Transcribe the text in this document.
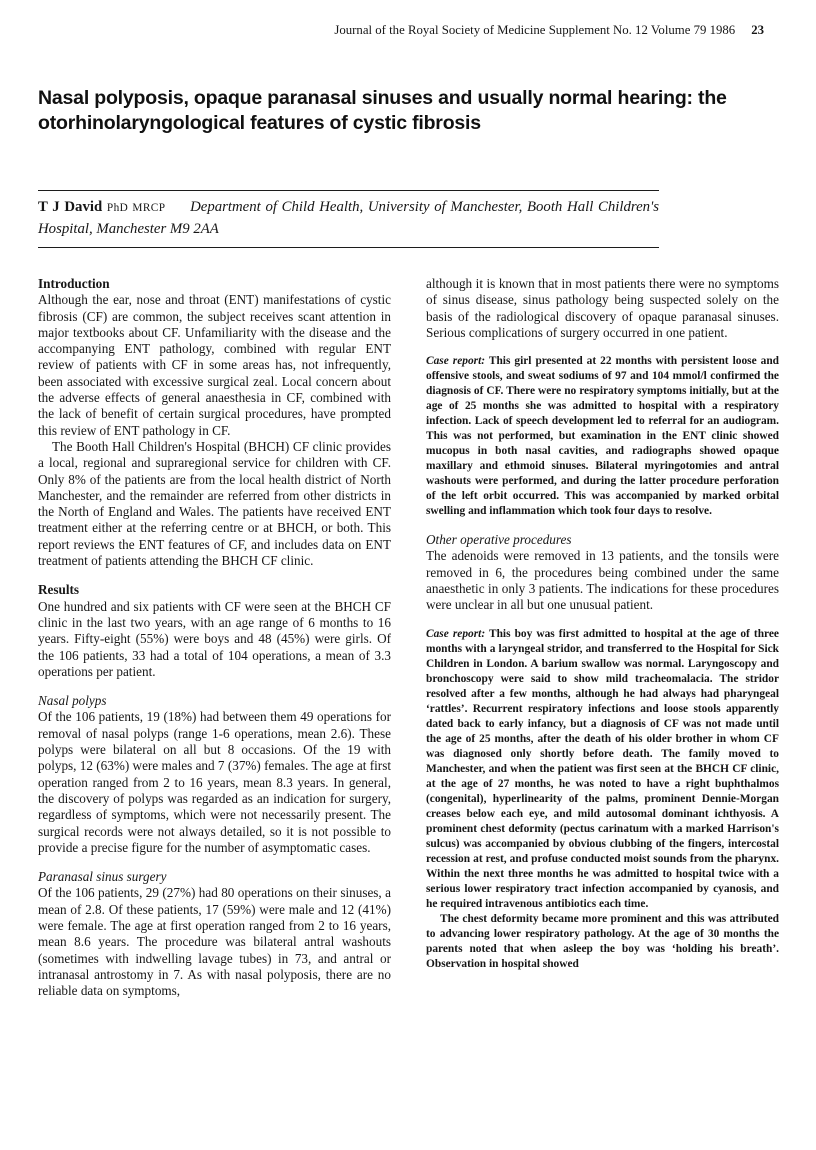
Journal of the Royal Society of Medicine Supplement No. 12 Volume 79 1986 23
Nasal polyposis, opaque paranasal sinuses and usually normal hearing: the otorhinolaryngological features of cystic fibrosis

T J David PhD MRCP Department of Child Health, University of Manchester, Booth Hall Children's Hospital, Manchester M9 2AA

Introduction

Although the ear, nose and throat (ENT) manifestations of cystic fibrosis (CF) are common, the subject receives scant attention in major textbooks about CF. Unfamiliarity with the disease and the accompanying ENT pathology, combined with regular ENT review of patients with CF in some areas has, not infrequently, been associated with excessive surgical zeal. Local concern about the adverse effects of general anaesthesia in CF, combined with the lack of benefit of certain surgical procedures, have prompted this review of ENT pathology in CF.

The Booth Hall Children's Hospital (BHCH) CF clinic provides a local, regional and supraregional service for children with CF. Only 8% of the patients are from the local health district of North Manchester, and the remainder are referred from other districts in the North of England and Wales. The patients have received ENT treatment either at the referring centre or at BHCH, or both. This report reviews the ENT features of CF, and includes data on ENT treatment of patients attending the BHCH CF clinic.

Results

One hundred and six patients with CF were seen at the BHCH CF clinic in the last two years, with an age range of 6 months to 16 years. Fifty-eight (55%) were boys and 48 (45%) were girls. Of the 106 patients, 33 had a total of 104 operations, a mean of 3.3 operations per patient.

Nasal polyps

Of the 106 patients, 19 (18%) had between them 49 operations for removal of nasal polyps (range 1-6 operations, mean 2.6). These polyps were bilateral on all but 8 occasions. Of the 19 with polyps, 12 (63%) were males and 7 (37%) females. The age at first operation ranged from 2 to 16 years, mean 8.3 years. In general, the discovery of polyps was regarded as an indication for surgery, regardless of symptoms, which were not necessarily present. The surgical records were not always detailed, so it is not possible to provide a precise figure for the number of asymptomatic cases.

Paranasal sinus surgery

Of the 106 patients, 29 (27%) had 80 operations on their sinuses, a mean of 2.8. Of these patients, 17 (59%) were male and 12 (41%) were female. The age at first operation ranged from 2 to 16 years, mean 8.6 years. The procedure was bilateral antral washouts (sometimes with indwelling lavage tubes) in 73, and antral or intranasal antrostomy in 7. As with nasal polyposis, there are no reliable data on symptoms,

although it is known that in most patients there were no symptoms of sinus disease, sinus pathology being suspected solely on the basis of the radiological discovery of opaque paranasal sinuses. Serious complications of surgery occurred in one patient.

Case report: This girl presented at 22 months with persistent loose and offensive stools, and sweat sodiums of 97 and 104 mmol/l confirmed the diagnosis of CF. There were no respiratory symptoms initially, but at the age of 25 months she was admitted to hospital with a respiratory infection. Lack of speech development led to referral for an audiogram. This was not performed, but examination in the ENT clinic showed mucopus in both nasal cavities, and radiographs showed opaque maxillary and ethmoid sinuses. Bilateral myringotomies and antral washouts were performed, and during the latter procedure perforation of the left orbit occurred. This was accompanied by marked orbital swelling and inflammation which took four days to resolve.

Other operative procedures

The adenoids were removed in 13 patients, and the tonsils were removed in 6, the procedures being combined under the same anaesthetic in only 3 patients. The indications for these procedures were unclear in all but one unusual patient.

Case report: This boy was first admitted to hospital at the age of three months with a laryngeal stridor, and transferred to the Hospital for Sick Children in London. A barium swallow was normal. Laryngoscopy and bronchoscopy were said to show mild tracheomalacia. The stridor resolved after a few months, although he had always had pharyngeal ‘rattles’. Recurrent respiratory infections and loose stools apparently dated back to early infancy, but a diagnosis of CF was not made until the age of 25 months, after the death of his older brother in whom CF was diagnosed only shortly before death. The family moved to Manchester, and when the patient was first seen at the BHCH CF clinic, at the age of 27 months, he was noted to have a right buphthalmos (congenital), hyperlinearity of the palms, prominent Dennie-Morgan creases below each eye, and mild autosomal dominant ichthyosis. A prominent chest deformity (pectus carinatum with a marked Harrison's sulcus) was accompanied by obvious clubbing of the fingers, intercostal recession at rest, and profuse conducted moist sounds from the pharynx. Within the next three months he was admitted to hospital twice with a serious lower respiratory tract infection accompanied by cyanosis, and he required intravenous antibiotics each time.

The chest deformity became more prominent and this was attributed to advancing lower respiratory pathology. At the age of 30 months the parents noted that when asleep the boy was ‘holding his breath’. Observation in hospital showed
